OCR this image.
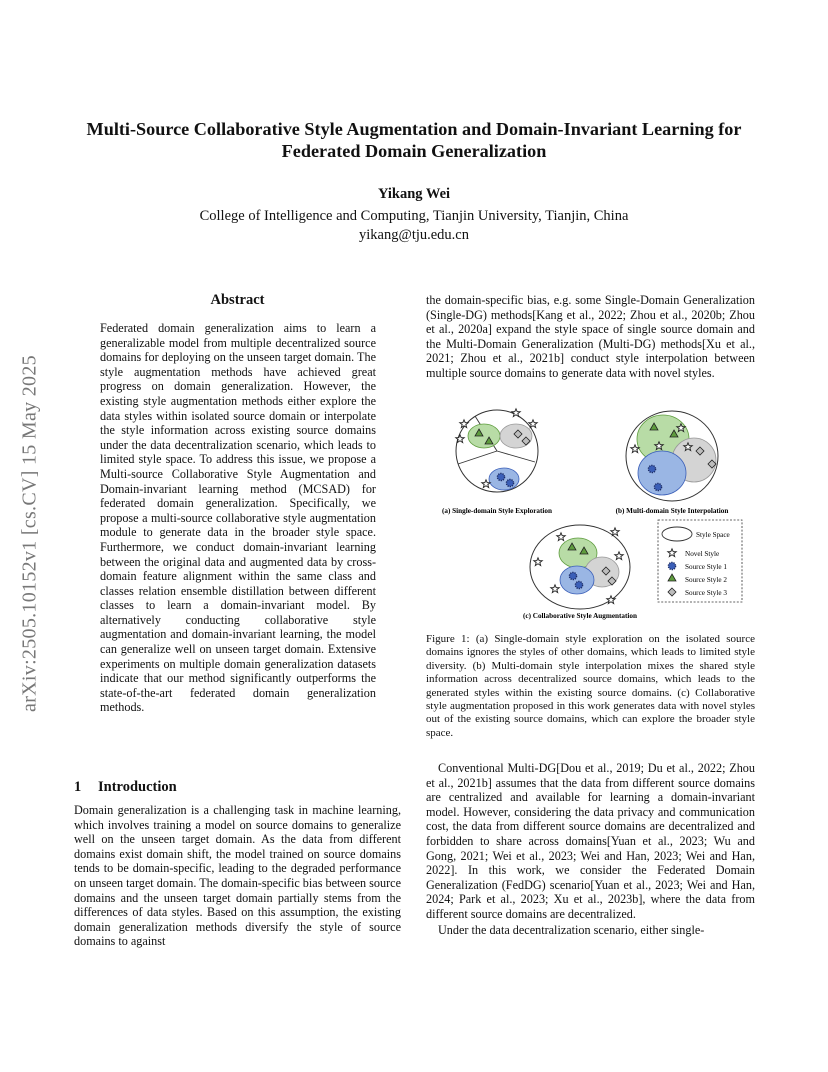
Multi-Source Collaborative Style Augmentation and Domain-Invariant Learning for Federated Domain Generalization
Yikang Wei
College of Intelligence and Computing, Tianjin University, Tianjin, China
yikang@tju.edu.cn
arXiv:2505.10152v1 [cs.CV] 15 May 2025
Abstract
Federated domain generalization aims to learn a generalizable model from multiple decentralized source domains for deploying on the unseen target domain. The style augmentation methods have achieved great progress on domain generalization. However, the existing style augmentation methods either explore the data styles within isolated source domain or interpolate the style information across existing source domains under the data decentralization scenario, which leads to limited style space. To address this issue, we propose a Multi-source Collaborative Style Augmentation and Domain-invariant learning method (MCSAD) for federated domain generalization. Specifically, we propose a multi-source collaborative style augmentation module to generate data in the broader style space. Furthermore, we conduct domain-invariant learning between the original data and augmented data by cross-domain feature alignment within the same class and classes relation ensemble distillation between different classes to learn a domain-invariant model. By alternatively conducting collaborative style augmentation and domain-invariant learning, the model can generalize well on unseen target domain. Extensive experiments on multiple domain generalization datasets indicate that our method significantly outperforms the state-of-the-art federated domain generalization methods.
1 Introduction
Domain generalization is a challenging task in machine learning, which involves training a model on source domains to generalize well on the unseen target domain. As the data from different domains exist domain shift, the model trained on source domains tends to be domain-specific, leading to the degraded performance on unseen target domain. The domain-specific bias between source domains and the unseen target domain partially stems from the differences of data styles. Based on this assumption, the existing domain generalization methods diversify the style of source domains to against
the domain-specific bias, e.g. some Single-Domain Generalization (Single-DG) methods[Kang et al., 2022; Zhou et al., 2020b; Zhou et al., 2020a] expand the style space of single source domain and the Multi-Domain Generalization (Multi-DG) methods[Xu et al., 2021; Zhou et al., 2021b] conduct style interpolation between multiple source domains to generate data with novel styles.
(a) Single-domain Style Exploration	(b) Multi-domain Style Interpolation
(c) Collaborative Style Augmentation
Style Space
Novel Style
Source Style 1
Source Style 2
Source Style 3
Figure 1: (a) Single-domain style exploration on the isolated source domains ignores the styles of other domains, which leads to limited style diversity. (b) Multi-domain style interpolation mixes the shared style information across decentralized source domains, which leads to the generated styles within the existing source domains. (c) Collaborative style augmentation proposed in this work generates data with novel styles out of the existing source domains, which can explore the broader style space.

Conventional Multi-DG[Dou et al., 2019; Du et al., 2022; Zhou et al., 2021b] assumes that the data from different source domains are centralized and available for learning a domain-invariant model. However, considering the data privacy and communication cost, the data from different source domains are decentralized and forbidden to share across domains[Yuan et al., 2023; Wu and Gong, 2021; Wei et al., 2023; Wei and Han, 2023; Wei and Han, 2022]. In this work, we consider the Federated Domain Generalization (FedDG) scenario[Yuan et al., 2023; Wei and Han, 2024; Park et al., 2023; Xu et al., 2023b], where the data from different source domains are decentralized.

Under the data decentralization scenario, either single-
